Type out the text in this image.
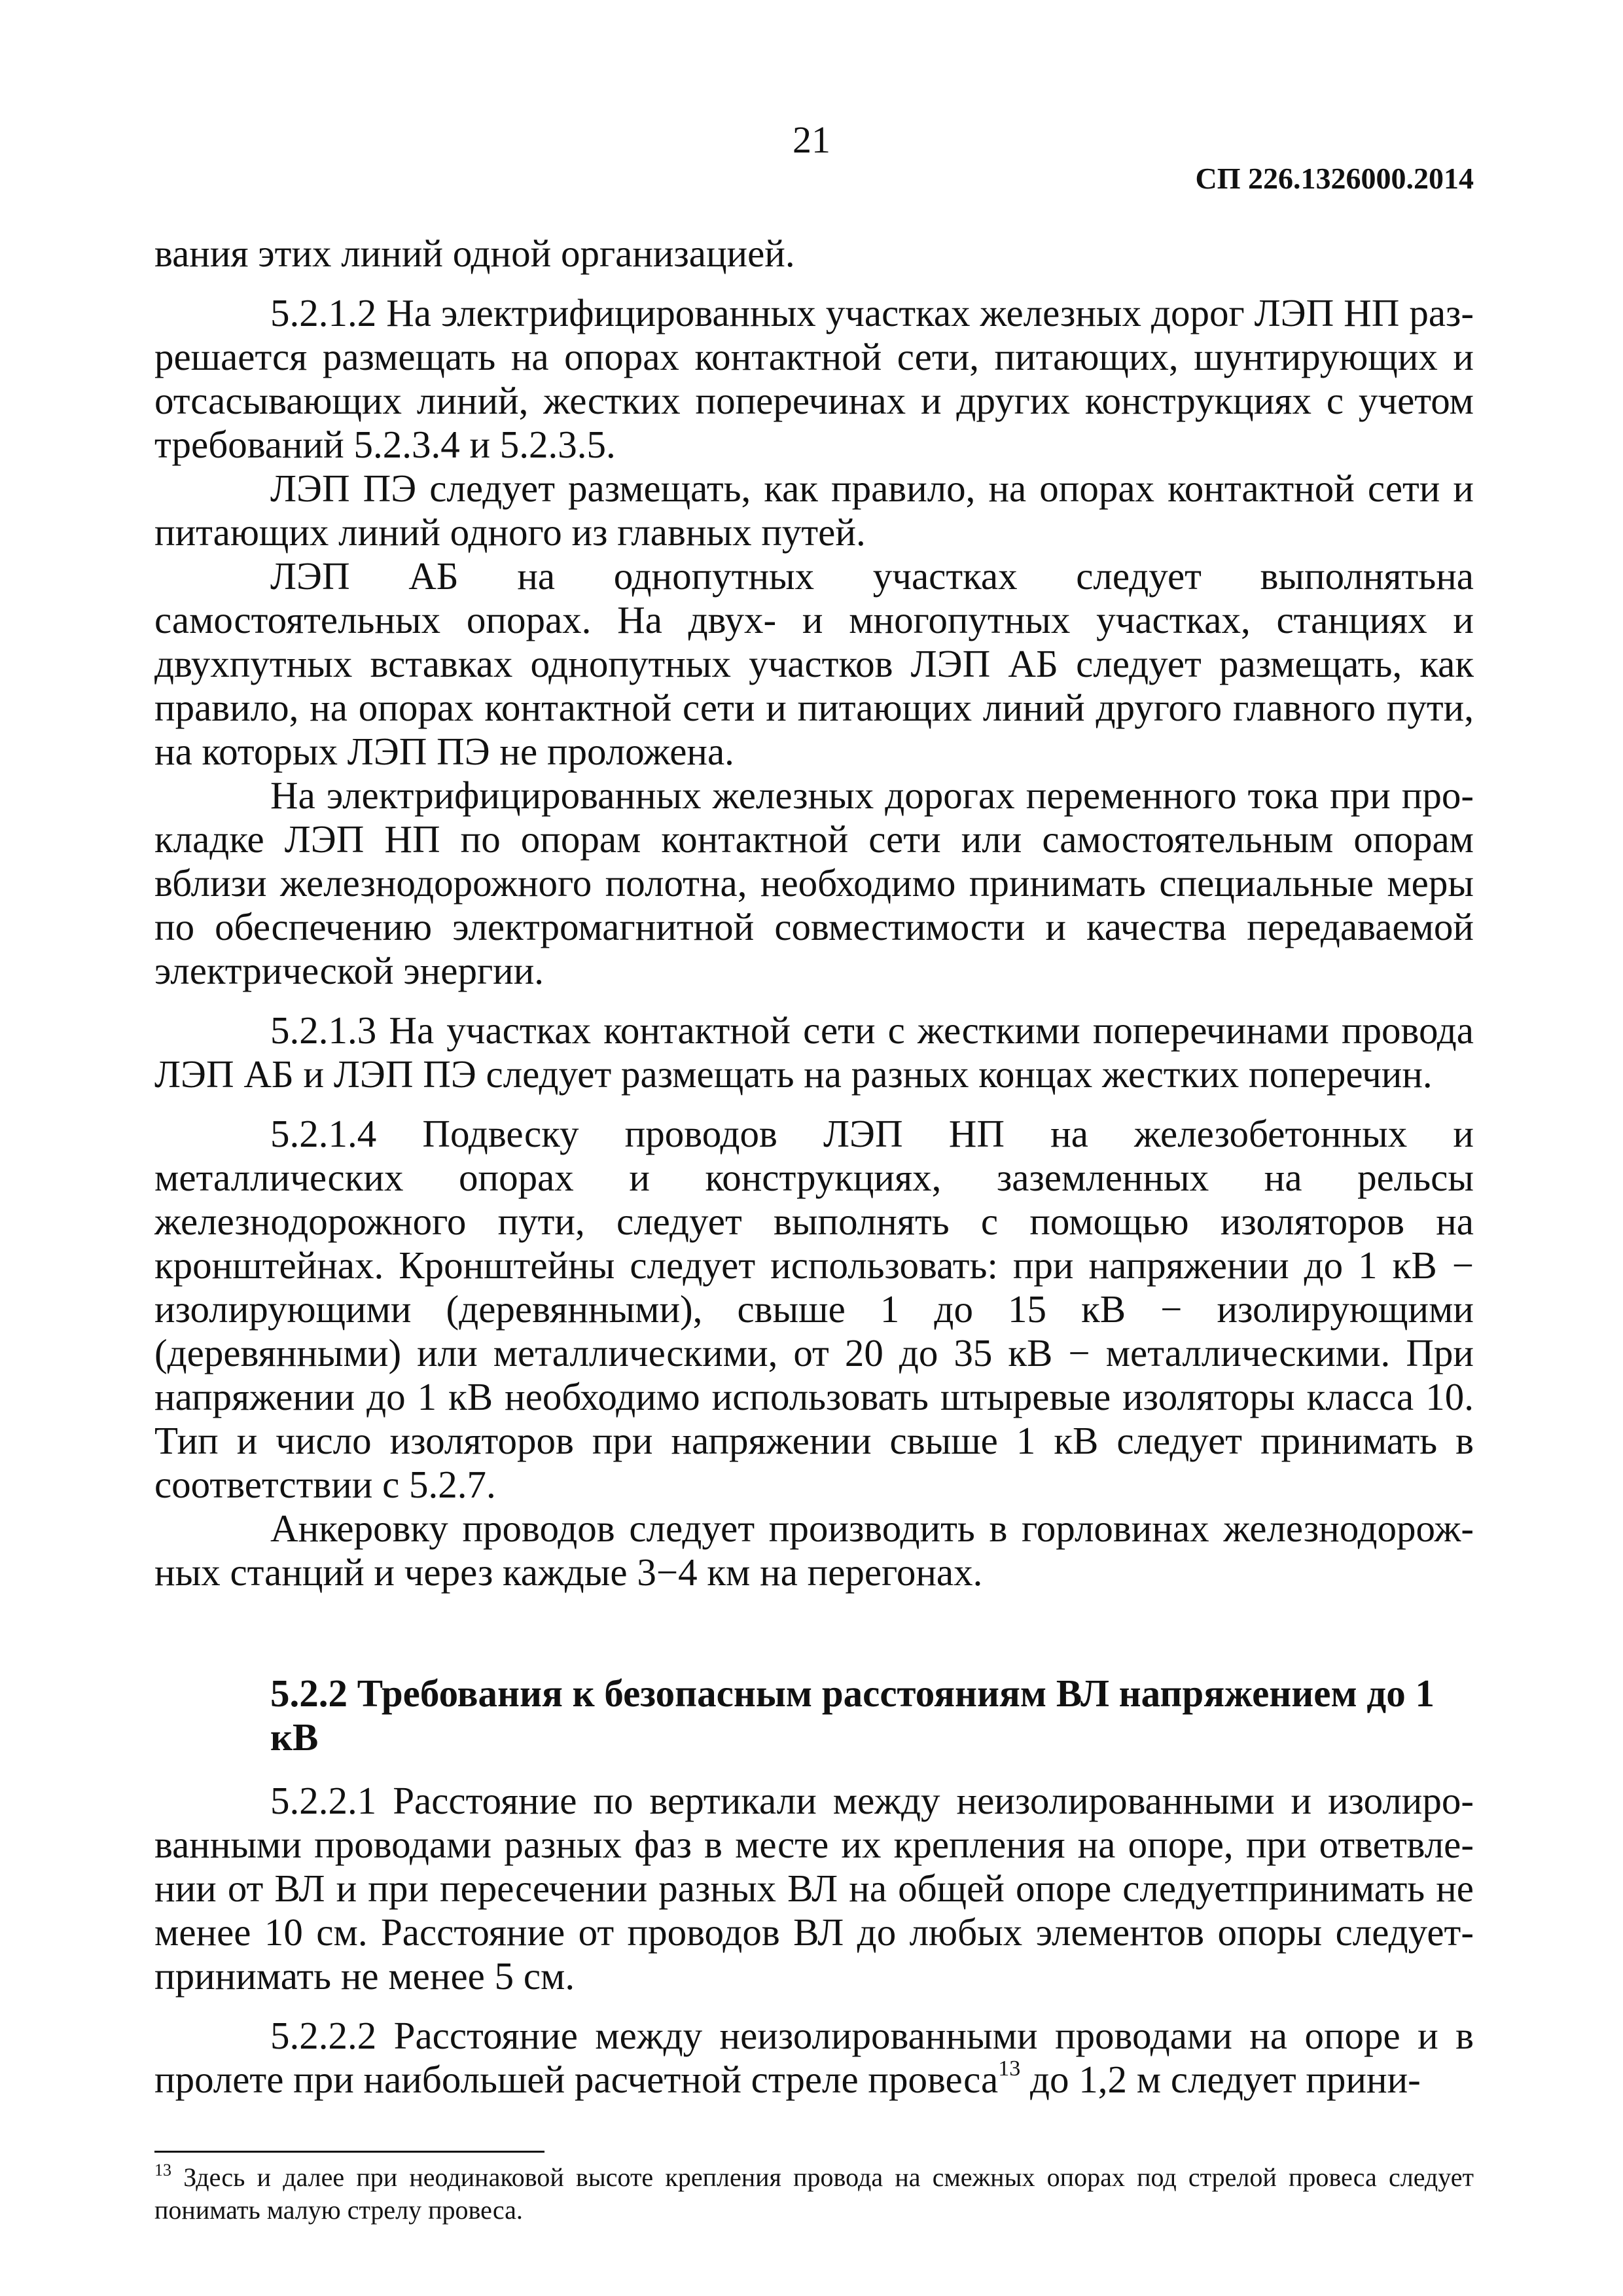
21
СП 226.1326000.2014

вания этих линий одной организацией.

5.2.1.2 На электрифицированных участках железных дорог ЛЭП НП разрешается размещать на опорах контактной сети, питающих, шунтирующих и отсасывающих линий, жестких поперечинах и других конструкциях с учетом требований 5.2.3.4 и 5.2.3.5.

ЛЭП ПЭ следует размещать, как правило, на опорах контактной сети и питающих линий одного из главных путей.

ЛЭП АБ на однопутных участках следует выполнятьна самостоятельных опорах. На двух- и многопутных участках, станциях и двухпутных вставках однопутных участков ЛЭП АБ следует размещать, как правило, на опорах контактной сети и питающих линий другого главного пути, на которых ЛЭП ПЭ не проложена.

На электрифицированных железных дорогах переменного тока при прокладке ЛЭП НП по опорам контактной сети или самостоятельным опорам вблизи железнодорожного полотна, необходимо принимать специальные меры по обеспечению электромагнитной совместимости и качества передаваемой электрической энергии.

5.2.1.3 На участках контактной сети с жесткими поперечинами провода ЛЭП АБ и ЛЭП ПЭ следует размещать на разных концах жестких поперечин.

5.2.1.4 Подвеску проводов ЛЭП НП на железобетонных и металлических опорах и конструкциях, заземленных на рельсы железнодорожного пути, следует выполнять с помощью изоляторов на кронштейнах. Кронштейны следует использовать: при напряжении до 1 кВ − изолирующими (деревянными), свыше 1 до 15 кВ − изолирующими (деревянными) или металлическими, от 20 до 35 кВ − металлическими. При напряжении до 1 кВ необходимо использовать штыревые изоляторы класса 10. Тип и число изоляторов при напряжении свыше 1 кВ следует принимать в соответствии с 5.2.7.

Анкеровку проводов следует производить в горловинах железнодорожных станций и через каждые 3−4 км на перегонах.

5.2.2 Требования к безопасным расстояниям ВЛ напряжением до 1 кВ

5.2.2.1 Расстояние по вертикали между неизолированными и изолированными проводами разных фаз в месте их крепления на опоре, при ответвлении от ВЛ и при пересечении разных ВЛ на общей опоре следуетпринимать не менее 10 см. Расстояние от проводов ВЛ до любых элементов опоры следуетпринимать не менее 5 см.

5.2.2.2 Расстояние между неизолированными проводами на опоре и в пролете при наибольшей расчетной стреле провеса$^{13}$ до 1,2 м следует прини-

$^{13}$ Здесь и далее при неодинаковой высоте крепления провода на смежных опорах под стрелой провеса следует понимать малую стрелу провеса.
